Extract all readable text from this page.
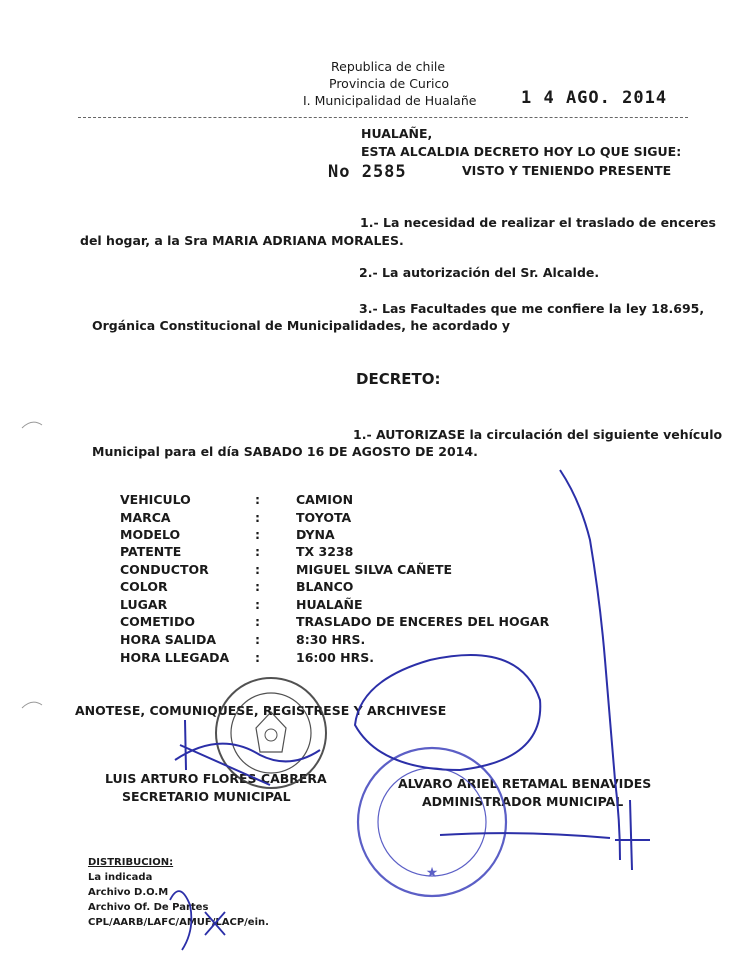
Republica de chile
Provincia de Curico
I. Municipalidad de Hualañe	1 4 AGO. 2014
HUALAÑE,
ESTA ALCALDIA DECRETO HOY LO QUE SIGUE:
No 2585	VISTO Y TENIENDO PRESENTE
1.- La necesidad de realizar el traslado de enceres
del hogar, a la Sra MARIA ADRIANA MORALES.
2.- La autorización del Sr. Alcalde.
3.- Las Facultades que me confiere la ley 18.695,
Orgánica Constitucional de Municipalidades, he acordado y
DECRETO:
1.- AUTORIZASE la circulación del siguiente vehículo
Municipal para el día SABADO 16 DE AGOSTO DE 2014.
VEHICULO	:	CAMION
MARCA	:	TOYOTA
MODELO	:	DYNA
PATENTE	:	TX 3238
CONDUCTOR	:	MIGUEL SILVA CAÑETE
COLOR	:	BLANCO
LUGAR	:	HUALAÑE
COMETIDO	:	TRASLADO DE ENCERES DEL HOGAR
HORA SALIDA	:	8:30 HRS.
HORA LLEGADA :	16:00 HRS.
ANOTESE, COMUNIQUESE, REGISTRESE Y ARCHIVESE
LUIS ARTURO FLORES CABRERA
SECRETARIO MUNICIPAL
ALVARO ARIEL RETAMAL BENAVIDES
ADMINISTRADOR MUNICIPAL
DISTRIBUCION:
La indicada
Archivo D.O.M
Archivo Of. De Partes
CPL/AARB/LAFC/AMUF/LACP/ein.
★
